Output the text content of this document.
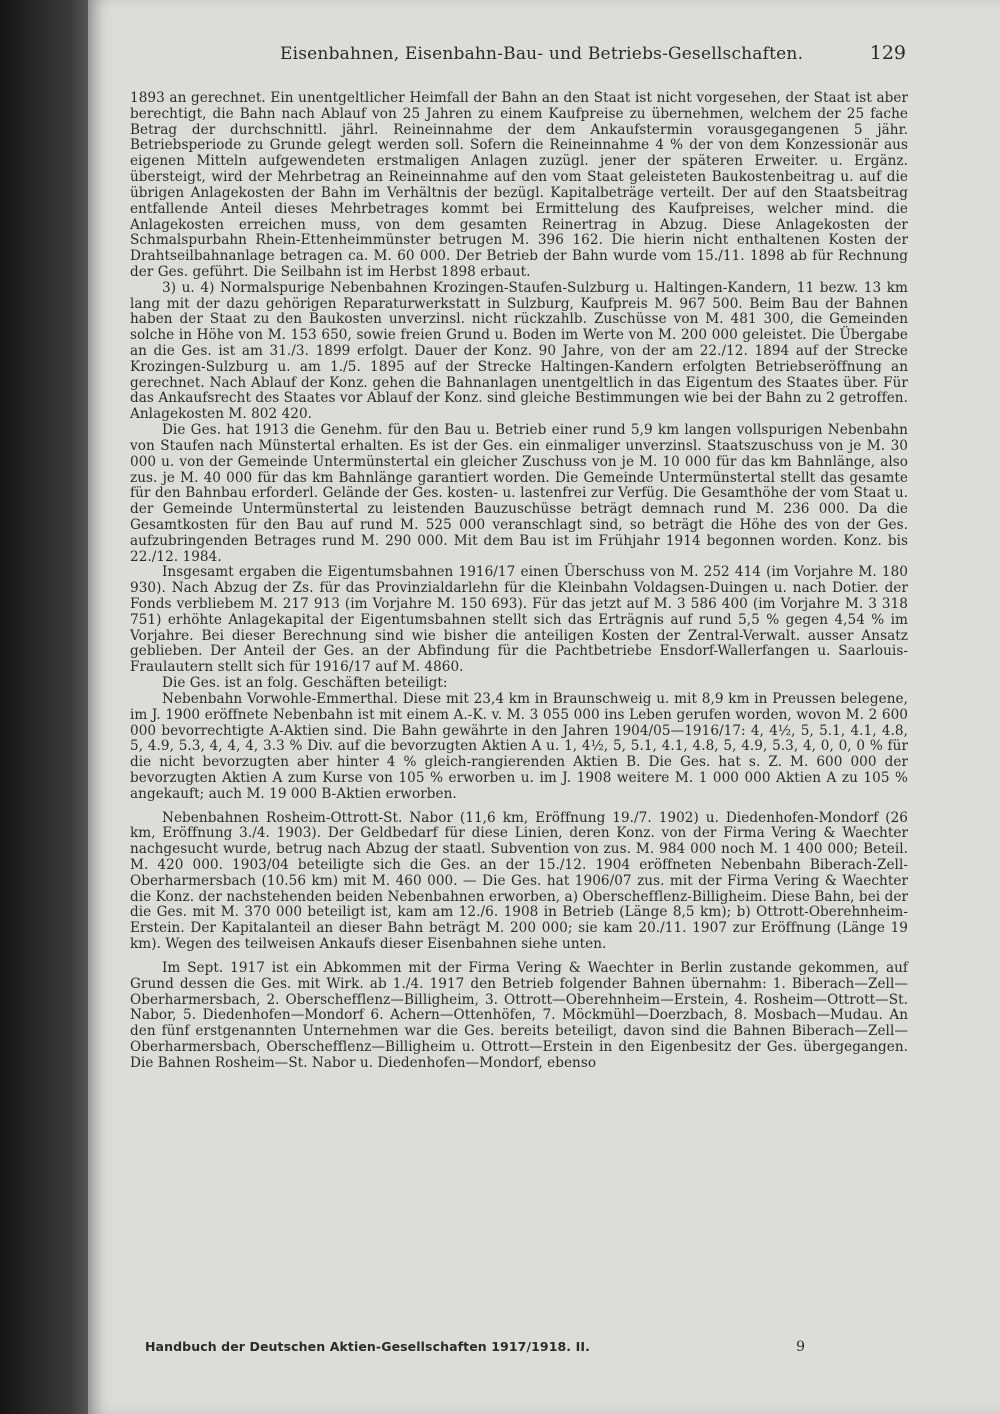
Eisenbahnen, Eisenbahn-Bau- und Betriebs-Gesellschaften.	129

1893 an gerechnet. Ein unentgeltlicher Heimfall der Bahn an den Staat ist nicht vorgesehen, der Staat ist aber berechtigt, die Bahn nach Ablauf von 25 Jahren zu einem Kaufpreise zu übernehmen, welchem der 25 fache Betrag der durchschnittl. jährl. Reineinnahme der dem Ankaufstermin vorausgegangenen 5 jähr. Betriebsperiode zu Grunde gelegt werden soll. Sofern die Reineinnahme 4 % der von dem Konzessionär aus eigenen Mitteln aufgewendeten erstmaligen Anlagen zuzügl. jener der späteren Erweiter. u. Ergänz. übersteigt, wird der Mehrbetrag an Reineinnahme auf den vom Staat geleisteten Baukostenbeitrag u. auf die übrigen Anlagekosten der Bahn im Verhältnis der bezügl. Kapitalbeträge verteilt. Der auf den Staatsbeitrag entfallende Anteil dieses Mehrbetrages kommt bei Ermittelung des Kaufpreises, welcher mind. die Anlagekosten erreichen muss, von dem gesamten Reinertrag in Abzug. Diese Anlagekosten der Schmalspurbahn Rhein-Ettenheimmünster betrugen M. 396 162. Die hierin nicht enthaltenen Kosten der Drahtseilbahnanlage betragen ca. M. 60 000. Der Betrieb der Bahn wurde vom 15./11. 1898 ab für Rechnung der Ges. geführt. Die Seilbahn ist im Herbst 1898 erbaut.

3) u. 4) Normalspurige Nebenbahnen Krozingen-Staufen-Sulzburg u. Haltingen-Kandern, 11 bezw. 13 km lang mit der dazu gehörigen Reparaturwerkstatt in Sulzburg, Kaufpreis M. 967 500. Beim Bau der Bahnen haben der Staat zu den Baukosten unverzinsl. nicht rückzahlb. Zuschüsse von M. 481 300, die Gemeinden solche in Höhe von M. 153 650, sowie freien Grund u. Boden im Werte von M. 200 000 geleistet. Die Übergabe an die Ges. ist am 31./3. 1899 erfolgt. Dauer der Konz. 90 Jahre, von der am 22./12. 1894 auf der Strecke Krozingen-Sulzburg u. am 1./5. 1895 auf der Strecke Haltingen-Kandern erfolgten Betriebseröffnung an gerechnet. Nach Ablauf der Konz. gehen die Bahnanlagen unentgeltlich in das Eigentum des Staates über. Für das Ankaufsrecht des Staates vor Ablauf der Konz. sind gleiche Bestimmungen wie bei der Bahn zu 2 getroffen. Anlagekosten M. 802 420.

Die Ges. hat 1913 die Genehm. für den Bau u. Betrieb einer rund 5,9 km langen vollspurigen Nebenbahn von Staufen nach Münstertal erhalten. Es ist der Ges. ein einmaliger unverzinsl. Staatszuschuss von je M. 30 000 u. von der Gemeinde Untermünstertal ein gleicher Zuschuss von je M. 10 000 für das km Bahnlänge, also zus. je M. 40 000 für das km Bahnlänge garantiert worden. Die Gemeinde Untermünstertal stellt das gesamte für den Bahnbau erforderl. Gelände der Ges. kosten- u. lastenfrei zur Verfüg. Die Gesamthöhe der vom Staat u. der Gemeinde Untermünstertal zu leistenden Bauzuschüsse beträgt demnach rund M. 236 000. Da die Gesamtkosten für den Bau auf rund M. 525 000 veranschlagt sind, so beträgt die Höhe des von der Ges. aufzubringenden Betrages rund M. 290 000. Mit dem Bau ist im Frühjahr 1914 begonnen worden. Konz. bis 22./12. 1984.

Insgesamt ergaben die Eigentumsbahnen 1916/17 einen Überschuss von M. 252 414 (im Vorjahre M. 180 930). Nach Abzug der Zs. für das Provinzialdarlehn für die Kleinbahn Voldagsen-Duingen u. nach Dotier. der Fonds verbliebem M. 217 913 (im Vorjahre M. 150 693). Für das jetzt auf M. 3 586 400 (im Vorjahre M. 3 318 751) erhöhte Anlagekapital der Eigentumsbahnen stellt sich das Erträgnis auf rund 5,5 % gegen 4,54 % im Vorjahre. Bei dieser Berechnung sind wie bisher die anteiligen Kosten der Zentral-Verwalt. ausser Ansatz geblieben. Der Anteil der Ges. an der Abfindung für die Pachtbetriebe Ensdorf-Wallerfangen u. Saarlouis-Fraulautern stellt sich für 1916/17 auf M. 4860.

Die Ges. ist an folg. Geschäften beteiligt:

Nebenbahn Vorwohle-Emmerthal. Diese mit 23,4 km in Braunschweig u. mit 8,9 km in Preussen belegene, im J. 1900 eröffnete Nebenbahn ist mit einem A.-K. v. M. 3 055 000 ins Leben gerufen worden, wovon M. 2 600 000 bevorrechtigte A-Aktien sind. Die Bahn gewährte in den Jahren 1904/05—1916/17: 4, 4½, 5, 5.1, 4.1, 4.8, 5, 4.9, 5.3, 4, 4, 4, 3.3 % Div. auf die bevorzugten Aktien A u. 1, 4½, 5, 5.1, 4.1, 4.8, 5, 4.9, 5.3, 4, 0, 0, 0 % für die nicht bevorzugten aber hinter 4 % gleich-rangierenden Aktien B. Die Ges. hat s. Z. M. 600 000 der bevorzugten Aktien A zum Kurse von 105 % erworben u. im J. 1908 weitere M. 1 000 000 Aktien A zu 105 % angekauft; auch M. 19 000 B-Aktien erworben.

Nebenbahnen Rosheim-Ottrott-St. Nabor (11,6 km, Eröffnung 19./7. 1902) u. Diedenhofen-Mondorf (26 km, Eröffnung 3./4. 1903). Der Geldbedarf für diese Linien, deren Konz. von der Firma Vering & Waechter nachgesucht wurde, betrug nach Abzug der staatl. Subvention von zus. M. 984 000 noch M. 1 400 000; Beteil. M. 420 000. 1903/04 beteiligte sich die Ges. an der 15./12. 1904 eröffneten Nebenbahn Biberach-Zell-Oberharmersbach (10.56 km) mit M. 460 000. — Die Ges. hat 1906/07 zus. mit der Firma Vering & Waechter die Konz. der nachstehenden beiden Nebenbahnen erworben, a) Oberschefflenz-Billigheim. Diese Bahn, bei der die Ges. mit M. 370 000 beteiligt ist, kam am 12./6. 1908 in Betrieb (Länge 8,5 km); b) Ottrott-Oberehnheim-Erstein. Der Kapitalanteil an dieser Bahn beträgt M. 200 000; sie kam 20./11. 1907 zur Eröffnung (Länge 19 km). Wegen des teilweisen Ankaufs dieser Eisenbahnen siehe unten.

Im Sept. 1917 ist ein Abkommen mit der Firma Vering & Waechter in Berlin zustande gekommen, auf Grund dessen die Ges. mit Wirk. ab 1./4. 1917 den Betrieb folgender Bahnen übernahm: 1. Biberach—Zell—Oberharmersbach, 2. Oberschefflenz—Billigheim, 3. Ottrott—Oberehnheim—Erstein, 4. Rosheim—Ottrott—St. Nabor, 5. Diedenhofen—Mondorf 6. Achern—Ottenhöfen, 7. Möckmühl—Doerzbach, 8. Mosbach—Mudau. An den fünf erstgenannten Unternehmen war die Ges. bereits beteiligt, davon sind die Bahnen Biberach—Zell—Oberharmersbach, Oberschefflenz—Billigheim u. Ottrott—Erstein in den Eigenbesitz der Ges. übergegangen. Die Bahnen Rosheim—St. Nabor u. Diedenhofen—Mondorf, ebenso

Handbuch der Deutschen Aktien-Gesellschaften 1917/1918. II.	9
